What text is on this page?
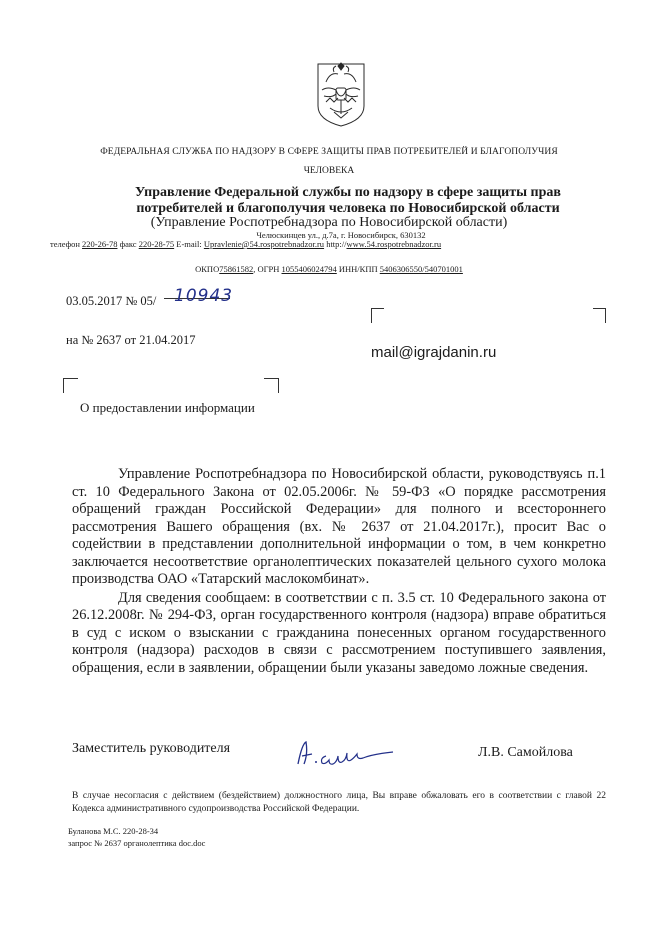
ФЕДЕРАЛЬНАЯ СЛУЖБА ПО НАДЗОРУ В СФЕРЕ ЗАЩИТЫ ПРАВ ПОТРЕБИТЕЛЕЙ И БЛАГОПОЛУЧИЯ
ЧЕЛОВЕКА
Управление Федеральной службы по надзору в сфере защиты прав
потребителей и благополучия человека по Новосибирской области
(Управление Роспотребнадзора по Новосибирской области)
Челюскинцев ул., д.7а, г. Новосибирск, 630132
телефон 220-26-78 факс 220-28-75 E-mail: Upravlenie@54.rospotrebnadzor.ru http://www.54.rospotrebnadzor.ru
ОКПО75861582, ОГРН 1055406024794 ИНН/КПП 5406306550/540701001
03.05.2017 № 05/ 10943
на № 2637 от 21.04.2017
mail@igrajdanin.ru
О предоставлении информации

Управление Роспотребнадзора по Новосибирской области, руководствуясь п.1 ст. 10 Федерального Закона от 02.05.2006г. № 59-ФЗ «О порядке рассмотрения обращений граждан Российской Федерации» для полного и всестороннего рассмотрения Вашего обращения (вх. № 2637 от 21.04.2017г.), просит Вас о содействии в представлении дополнительной информации о том, в чем конкретно заключается несоответствие органолептических показателей цельного сухого молока производства ОАО «Татарский маслокомбинат».

Для сведения сообщаем: в соответствии с п. 3.5 ст. 10 Федерального закона от 26.12.2008г. № 294-ФЗ, орган государственного контроля (надзора) вправе обратиться в суд с иском о взыскании с гражданина понесенных органом государственного контроля (надзора) расходов в связи с рассмотрением поступившего заявления, обращения, если в заявлении, обращении были указаны заведомо ложные сведения.

Заместитель руководителя	Л.В. Самойлова
В случае несогласия с действием (бездействием) должностного лица, Вы вправе обжаловать его в соответствии с главой 22 Кодекса административного судопроизводства Российской Федерации.
Буланова М.С. 220-28-34
запрос № 2637 органолептика doc.doc
